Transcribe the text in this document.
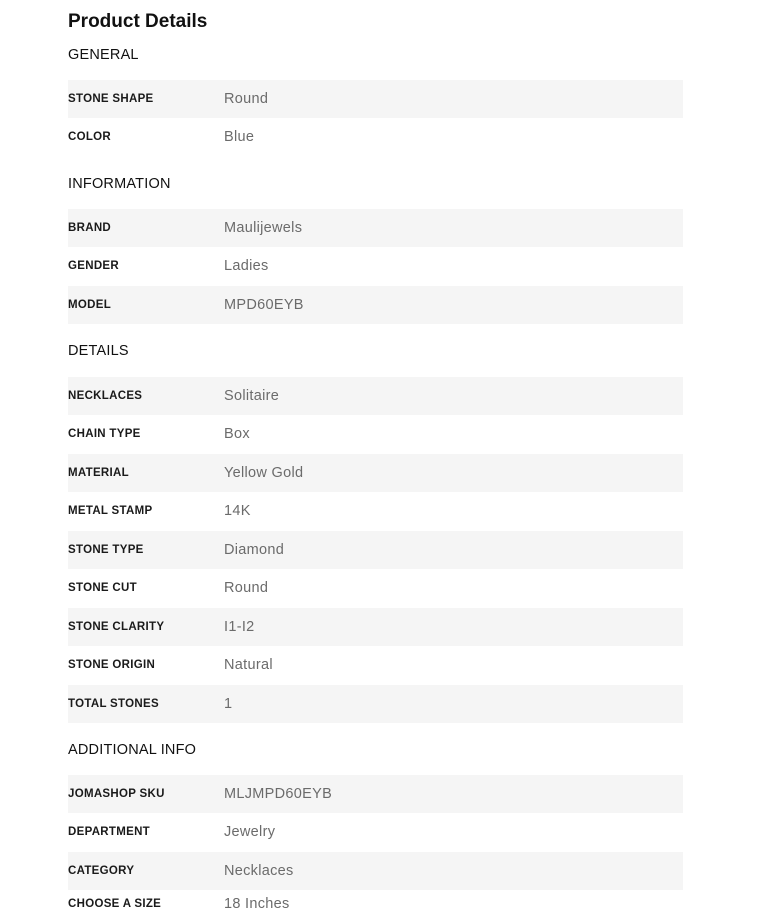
Product Details
GENERAL
STONE SHAPE	Round
COLOR	Blue
INFORMATION
BRAND	Maulijewels
GENDER	Ladies
MODEL	MPD60EYB
DETAILS
NECKLACES	Solitaire
CHAIN TYPE	Box
MATERIAL	Yellow Gold
METAL STAMP	14K
STONE TYPE	Diamond
STONE CUT	Round
STONE CLARITY	I1-I2
STONE ORIGIN	Natural
TOTAL STONES	1
ADDITIONAL INFO
JOMASHOP SKU	MLJMPD60EYB
DEPARTMENT	Jewelry
CATEGORY	Necklaces
CHOOSE A SIZE	18 Inches
